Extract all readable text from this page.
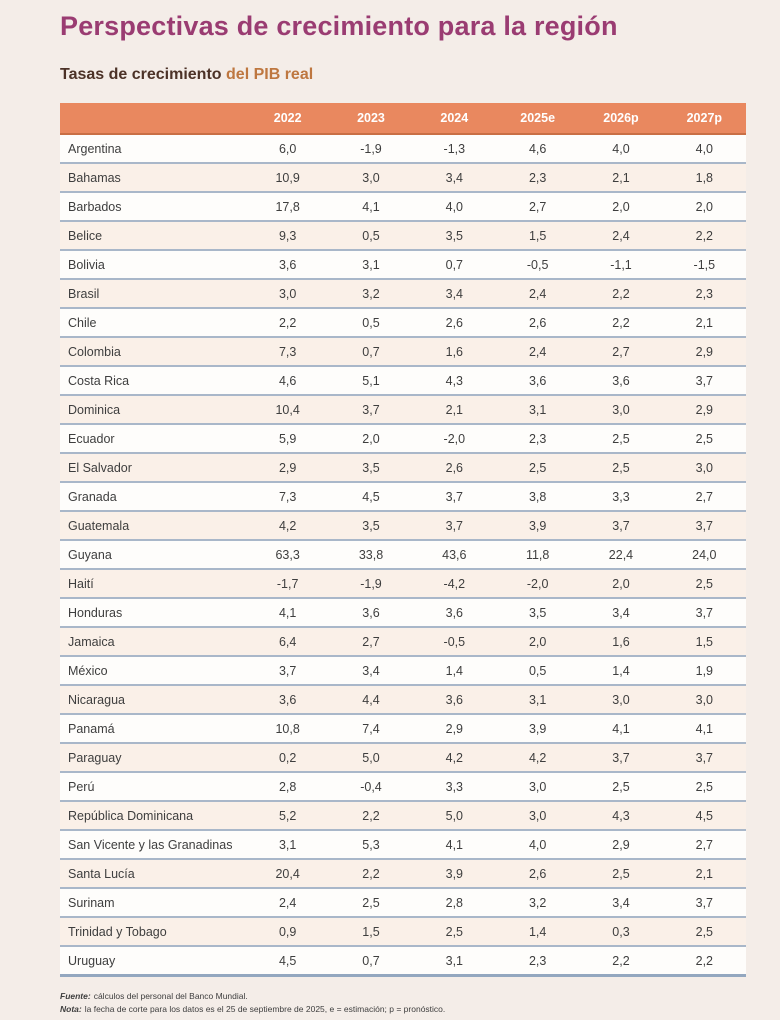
Perspectivas de crecimiento para la región
Tasas de crecimiento del PIB real
	2022	2023	2024	2025e	2026p	2027p
Argentina	6,0	-1,9	-1,3	4,6	4,0	4,0
Bahamas	10,9	3,0	3,4	2,3	2,1	1,8
Barbados	17,8	4,1	4,0	2,7	2,0	2,0
Belice	9,3	0,5	3,5	1,5	2,4	2,2
Bolivia	3,6	3,1	0,7	-0,5	-1,1	-1,5
Brasil	3,0	3,2	3,4	2,4	2,2	2,3
Chile	2,2	0,5	2,6	2,6	2,2	2,1
Colombia	7,3	0,7	1,6	2,4	2,7	2,9
Costa Rica	4,6	5,1	4,3	3,6	3,6	3,7
Dominica	10,4	3,7	2,1	3,1	3,0	2,9
Ecuador	5,9	2,0	-2,0	2,3	2,5	2,5
El Salvador	2,9	3,5	2,6	2,5	2,5	3,0
Granada	7,3	4,5	3,7	3,8	3,3	2,7
Guatemala	4,2	3,5	3,7	3,9	3,7	3,7
Guyana	63,3	33,8	43,6	11,8	22,4	24,0
Haití	-1,7	-1,9	-4,2	-2,0	2,0	2,5
Honduras	4,1	3,6	3,6	3,5	3,4	3,7
Jamaica	6,4	2,7	-0,5	2,0	1,6	1,5
México	3,7	3,4	1,4	0,5	1,4	1,9
Nicaragua	3,6	4,4	3,6	3,1	3,0	3,0
Panamá	10,8	7,4	2,9	3,9	4,1	4,1
Paraguay	0,2	5,0	4,2	4,2	3,7	3,7
Perú	2,8	-0,4	3,3	3,0	2,5	2,5
República Dominicana	5,2	2,2	5,0	3,0	4,3	4,5
San Vicente y las Granadinas	3,1	5,3	4,1	4,0	2,9	2,7
Santa Lucía	20,4	2,2	3,9	2,6	2,5	2,1
Surinam	2,4	2,5	2,8	3,2	3,4	3,7
Trinidad y Tobago	0,9	1,5	2,5	1,4	0,3	2,5
Uruguay	4,5	0,7	3,1	2,3	2,2	2,2

Fuente: cálculos del personal del Banco Mundial.

Nota: la fecha de corte para los datos es el 25 de septiembre de 2025, e = estimación; p = pronóstico.
